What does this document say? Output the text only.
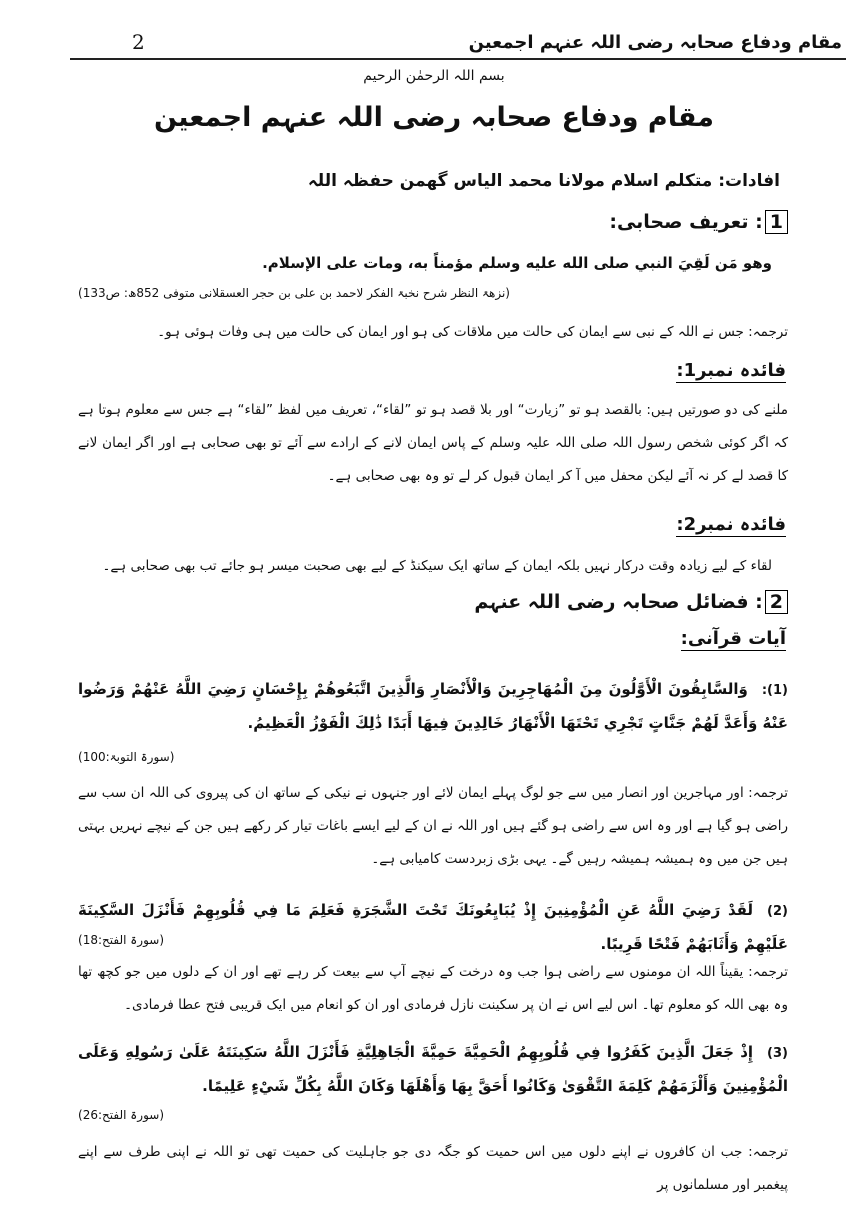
مقام ودفاع صحابہ رضی اللہ عنہم اجمعین
2
بسم اللہ الرحمٰن الرحیم
مقام ودفاع صحابہ رضی اللہ عنہم اجمعین
افادات: متکلم اسلام مولانا محمد الیاس گھمن حفظہ اللہ
1: تعریف صحابی:
وهو مَن لَقِيَ النبي صلى الله عليه وسلم مؤمناً به، ومات على الإسلام.
(نزھۃ النظر شرح نخبۃ الفکر لاحمد بن علی بن حجر العسقلانی متوفی 852ھ: ص133)
ترجمہ: جس نے اللہ کے نبی سے ایمان کی حالت میں ملاقات کی ہو اور ایمان کی حالت میں ہی وفات ہوئی ہو۔
فائدہ نمبر1:
ملنے کی دو صورتیں ہیں: بالقصد ہو تو ”زیارت“ اور بلا قصد ہو تو ”لقاء“، تعریف میں لفظ ”لقاء“ ہے جس سے معلوم ہوتا ہے کہ اگر کوئی شخص رسول اللہ صلی اللہ علیہ وسلم کے پاس ایمان لانے کے ارادے سے آئے تو بھی صحابی ہے اور اگر ایمان لانے کا قصد لے کر نہ آئے لیکن محفل میں آ کر ایمان قبول کر لے تو وہ بھی صحابی ہے۔
فائدہ نمبر2:
لقاء کے لیے زیادہ وقت درکار نہیں بلکہ ایمان کے ساتھ ایک سیکنڈ کے لیے بھی صحبت میسر ہو جائے تب بھی صحابی ہے۔
2: فضائل صحابہ رضی اللہ عنہم
آیات قرآنی:
(1):وَالسَّابِقُونَ الْأَوَّلُونَ مِنَ الْمُهَاجِرِينَ وَالْأَنْصَارِ وَالَّذِينَ اتَّبَعُوهُمْ بِإِحْسَانٍ رَضِيَ اللَّهُ عَنْهُمْ وَرَضُوا عَنْهُ وَأَعَدَّ لَهُمْ جَنَّاتٍ تَجْرِي تَحْتَهَا الْأَنْهَارُ خَالِدِينَ فِيهَا أَبَدًا ذَٰلِكَ الْفَوْزُ الْعَظِيمُ.
(سورۃ التوبۃ:100)
ترجمہ: اور مہاجرین اور انصار میں سے جو لوگ پہلے ایمان لائے اور جنہوں نے نیکی کے ساتھ ان کی پیروی کی اللہ ان سب سے راضی ہو گیا ہے اور وہ اس سے راضی ہو گئے ہیں اور اللہ نے ان کے لیے ایسے باغات تیار کر رکھے ہیں جن کے نیچے نہریں بہتی ہیں جن میں وہ ہمیشہ ہمیشہ رہیں گے۔ یہی بڑی زبردست کامیابی ہے۔
(2)لَقَدْ رَضِيَ اللَّهُ عَنِ الْمُؤْمِنِينَ إِذْ يُبَايِعُونَكَ تَحْتَ الشَّجَرَةِ فَعَلِمَ مَا فِي قُلُوبِهِمْ فَأَنْزَلَ السَّكِينَةَ عَلَيْهِمْ وَأَثَابَهُمْ فَتْحًا قَرِيبًا.
(سورۃ الفتح:18)
ترجمہ: یقیناً اللہ ان مومنوں سے راضی ہوا جب وہ درخت کے نیچے آپ سے بیعت کر رہے تھے اور ان کے دلوں میں جو کچھ تھا وہ بھی اللہ کو معلوم تھا۔ اس لیے اس نے ان پر سکینت نازل فرمادی اور ان کو انعام میں ایک قریبی فتح عطا فرمادی۔
(3)إِذْ جَعَلَ الَّذِينَ كَفَرُوا فِي قُلُوبِهِمُ الْحَمِيَّةَ حَمِيَّةَ الْجَاهِلِيَّةِ فَأَنْزَلَ اللَّهُ سَكِينَتَهُ عَلَىٰ رَسُولِهِ وَعَلَى الْمُؤْمِنِينَ وَأَلْزَمَهُمْ كَلِمَةَ التَّقْوَىٰ وَكَانُوا أَحَقَّ بِهَا وَأَهْلَهَا وَكَانَ اللَّهُ بِكُلِّ شَيْءٍ عَلِيمًا.
(سورۃ الفتح:26)
ترجمہ: جب ان کافروں نے اپنے دلوں میں اس حمیت کو جگہ دی جو جاہلیت کی حمیت تھی تو اللہ نے اپنی طرف سے اپنے پیغمبر اور مسلمانوں پر
